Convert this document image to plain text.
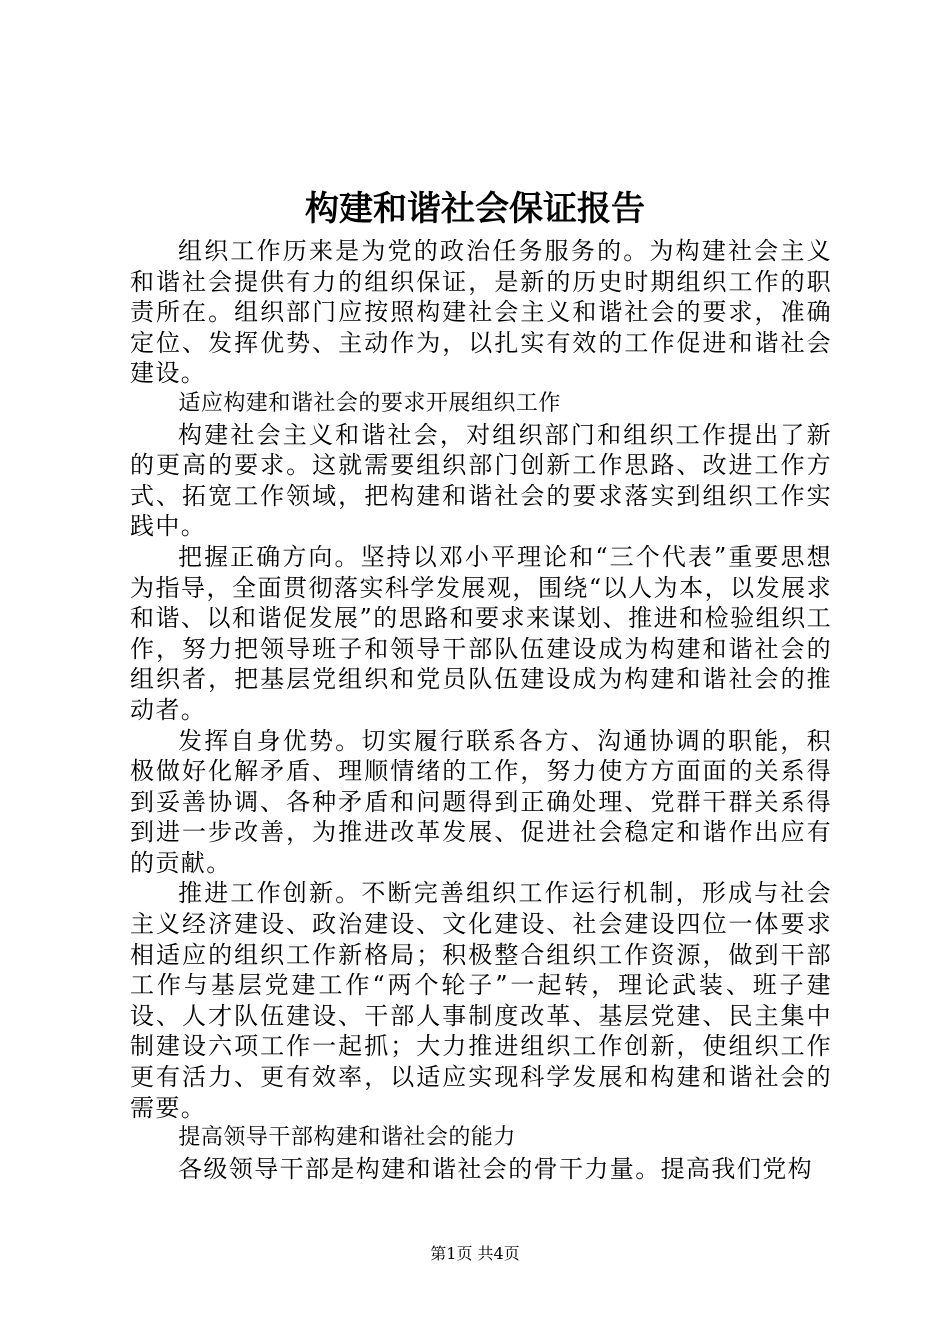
构建和谐社会保证报告

组织工作历来是为党的政治任务服务的。为构建社会主义和谐社会提供有力的组织保证，是新的历史时期组织工作的职责所在。组织部门应按照构建社会主义和谐社会的要求，准确定位、发挥优势、主动作为，以扎实有效的工作促进和谐社会建设。

适应构建和谐社会的要求开展组织工作

构建社会主义和谐社会，对组织部门和组织工作提出了新的更高的要求。这就需要组织部门创新工作思路、改进工作方式、拓宽工作领域，把构建和谐社会的要求落实到组织工作实践中。

把握正确方向。坚持以邓小平理论和“三个代表”重要思想为指导，全面贯彻落实科学发展观，围绕“以人为本，以发展求和谐、以和谐促发展”的思路和要求来谋划、推进和检验组织工作，努力把领导班子和领导干部队伍建设成为构建和谐社会的组织者，把基层党组织和党员队伍建设成为构建和谐社会的推动者。

发挥自身优势。切实履行联系各方、沟通协调的职能，积极做好化解矛盾、理顺情绪的工作，努力使方方面面的关系得到妥善协调、各种矛盾和问题得到正确处理、党群干群关系得到进一步改善，为推进改革发展、促进社会稳定和谐作出应有的贡献。

推进工作创新。不断完善组织工作运行机制，形成与社会主义经济建设、政治建设、文化建设、社会建设四位一体要求相适应的组织工作新格局；积极整合组织工作资源，做到干部工作与基层党建工作“两个轮子”一起转，理论武装、班子建设、人才队伍建设、干部人事制度改革、基层党建、民主集中制建设六项工作一起抓；大力推进组织工作创新，使组织工作更有活力、更有效率，以适应实现科学发展和构建和谐社会的需要。

提高领导干部构建和谐社会的能力

各级领导干部是构建和谐社会的骨干力量。提高我们党构

第1页 共4页
